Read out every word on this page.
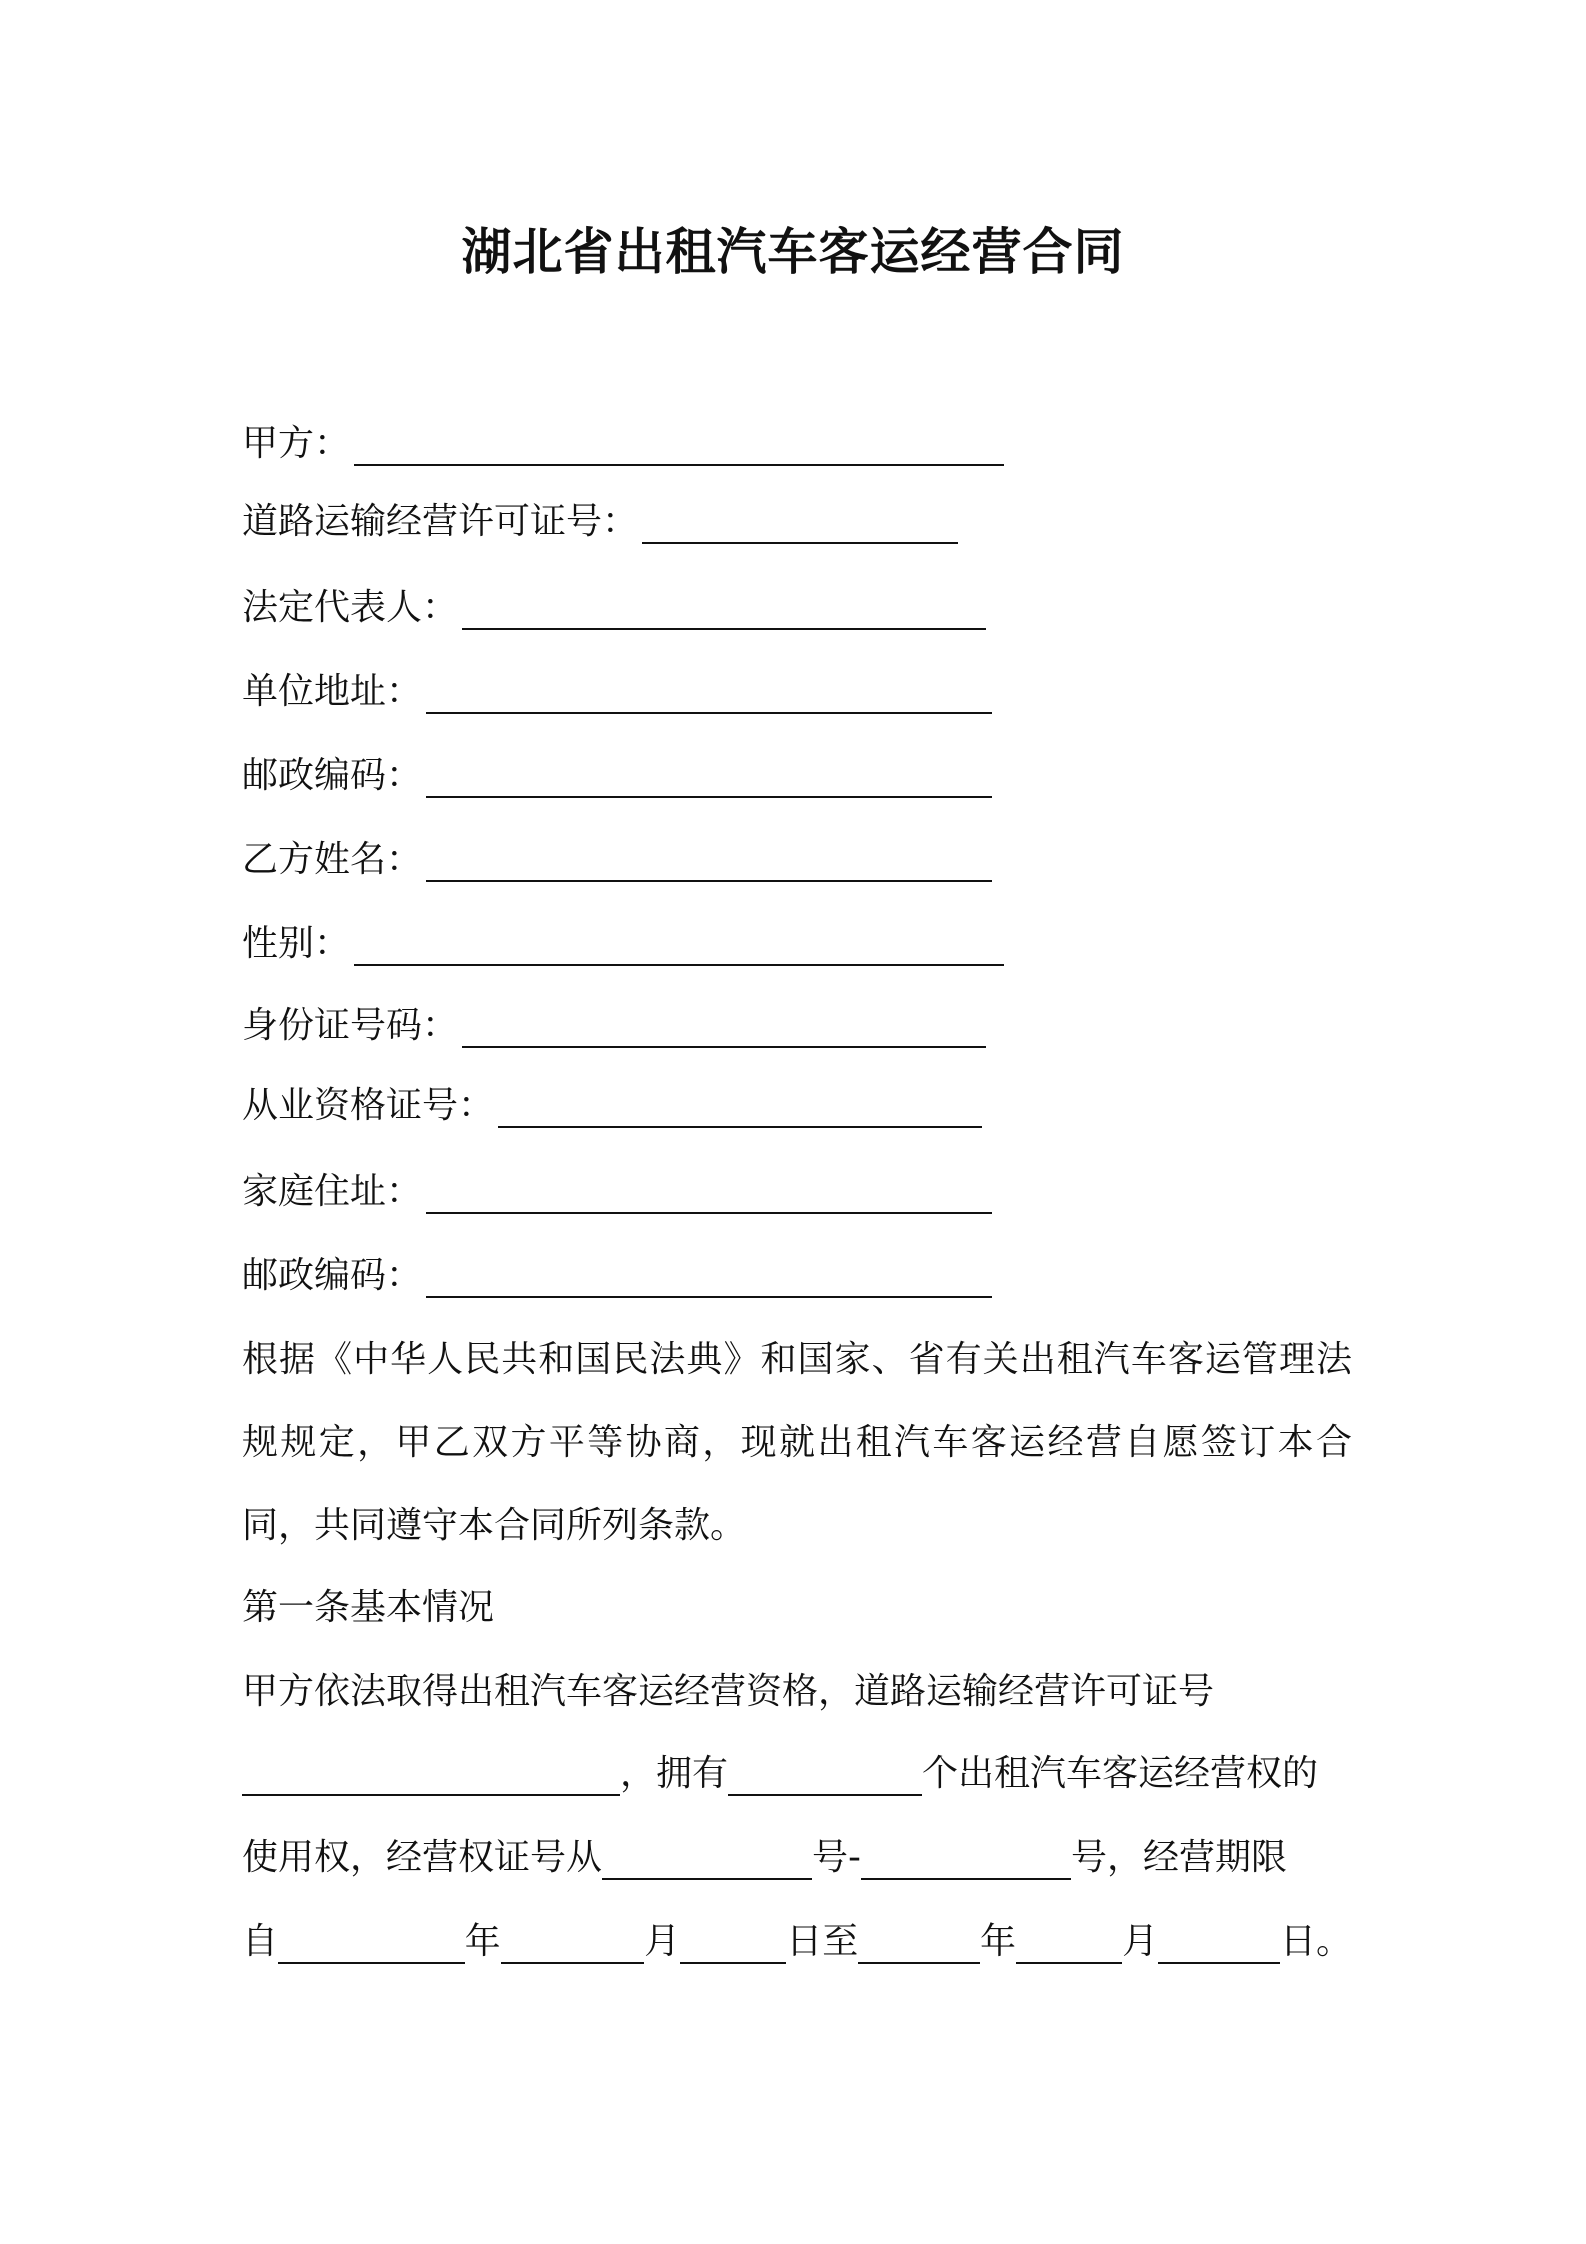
湖北省出租汽车客运经营合同
甲方：
道路运输经营许可证号：
法定代表人：
单位地址：
邮政编码：
乙方姓名：
性别：
身份证号码：
从业资格证号：
家庭住址：
邮政编码：
根据《中华人民共和国民法典》和国家、省有关出租汽车客运管理法规规定，甲乙双方平等协商，现就出租汽车客运经营自愿签订本合同，共同遵守本合同所列条款。
第一条基本情况
甲方依法取得出租汽车客运经营资格，道路运输经营许可证号
，拥有	个出租汽车客运经营权的
使用权，经营权证号从	号-	号，经营期限
自	年	月	日至	年	月	日。
